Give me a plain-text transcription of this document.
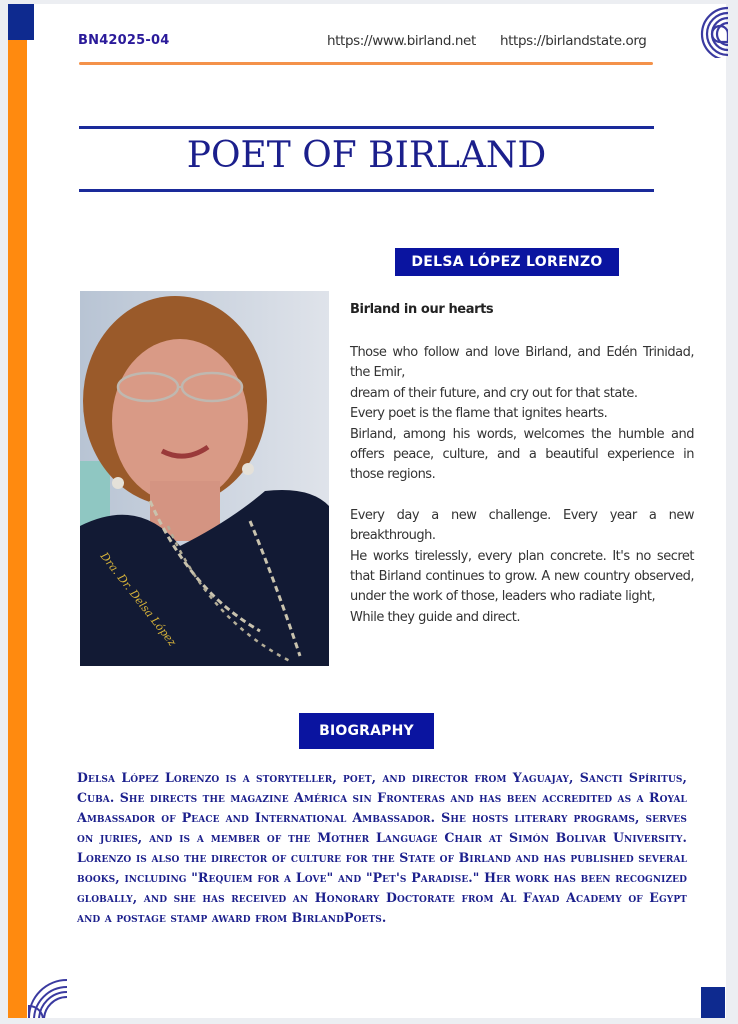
BN42025-04	https://www.birland.net https://birlandstate.org
POET OF BIRLAND
DELSA LÓPEZ LORENZO
Dra. Dr. Delsa López
Birland in our hearts
Those who follow and love Birland, and Edén Trinidad, the Emir,
dream of their future, and cry out for that state.
Every poet is the flame that ignites hearts.
Birland, among his words, welcomes the humble and offers peace, culture, and a beautiful experience in those regions.
Every day a new challenge. Every year a new breakthrough.
He works tirelessly, every plan concrete. It's no secret that Birland continues to grow. A new country observed, under the work of those, leaders who radiate light,
While they guide and direct.
BIOGRAPHY
Delsa López Lorenzo is a storyteller, poet, and director from Yaguajay, Sancti Spíritus, Cuba. She directs the magazine América sin Fronteras and has been accredited as a Royal Ambassador of Peace and International Ambassador. She hosts literary programs, serves on juries, and is a member of the Mother Language Chair at Simón Bolivar University. Lorenzo is also the director of culture for the State of Birland and has published several books, including "Requiem for a Love" and "Pet's Paradise." Her work has been recognized globally, and she has received an Honorary Doctorate from Al Fayad Academy of Egypt and a postage stamp award from BirlandPoets.
